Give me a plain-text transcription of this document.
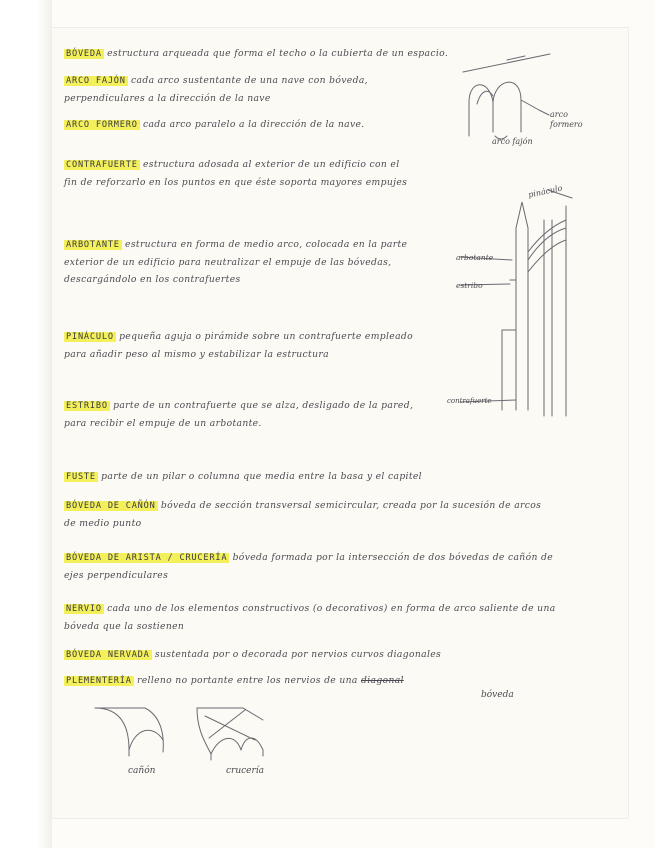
BÓVEDA estructura arqueada que forma el techo o la cubierta de un espacio.
ARCO FAJÓN cada arco sustentante de una nave con bóveda, perpendiculares a la dirección de la nave
ARCO FORMERO cada arco paralelo a la dirección de la nave.
CONTRAFUERTE estructura adosada al exterior de un edificio con el fin de reforzarlo en los puntos en que éste soporta mayores empujes
ARBOTANTE estructura en forma de medio arco, colocada en la parte exterior de un edificio para neutralizar el empuje de las bóvedas, descargándolo en los contrafuertes
PINÁCULO pequeña aguja o pirámide sobre un contrafuerte empleado para añadir peso al mismo y estabilizar la estructura
ESTRIBO parte de un contrafuerte que se alza, desligado de la pared, para recibir el empuje de un arbotante.
FUSTE parte de un pilar o columna que media entre la basa y el capitel
BÓVEDA DE CAÑÓN bóveda de sección transversal semicircular, creada por la sucesión de arcos de medio punto
BÓVEDA DE ARISTA / CRUCERÍA bóveda formada por la intersección de dos bóvedas de cañón de ejes perpendiculares
NERVIO cada uno de los elementos constructivos (o decorativos) en forma de arco saliente de una bóveda que la sostienen
BÓVEDA NERVADA sustentada por o decorada por nervios curvos diagonales
PLEMENTERÍA relleno no portante entre los nervios de una diagonal
bóveda
arco formero
arco fajón
pináculo
arbotante
estribo
contrafuerte
cañón	crucería
